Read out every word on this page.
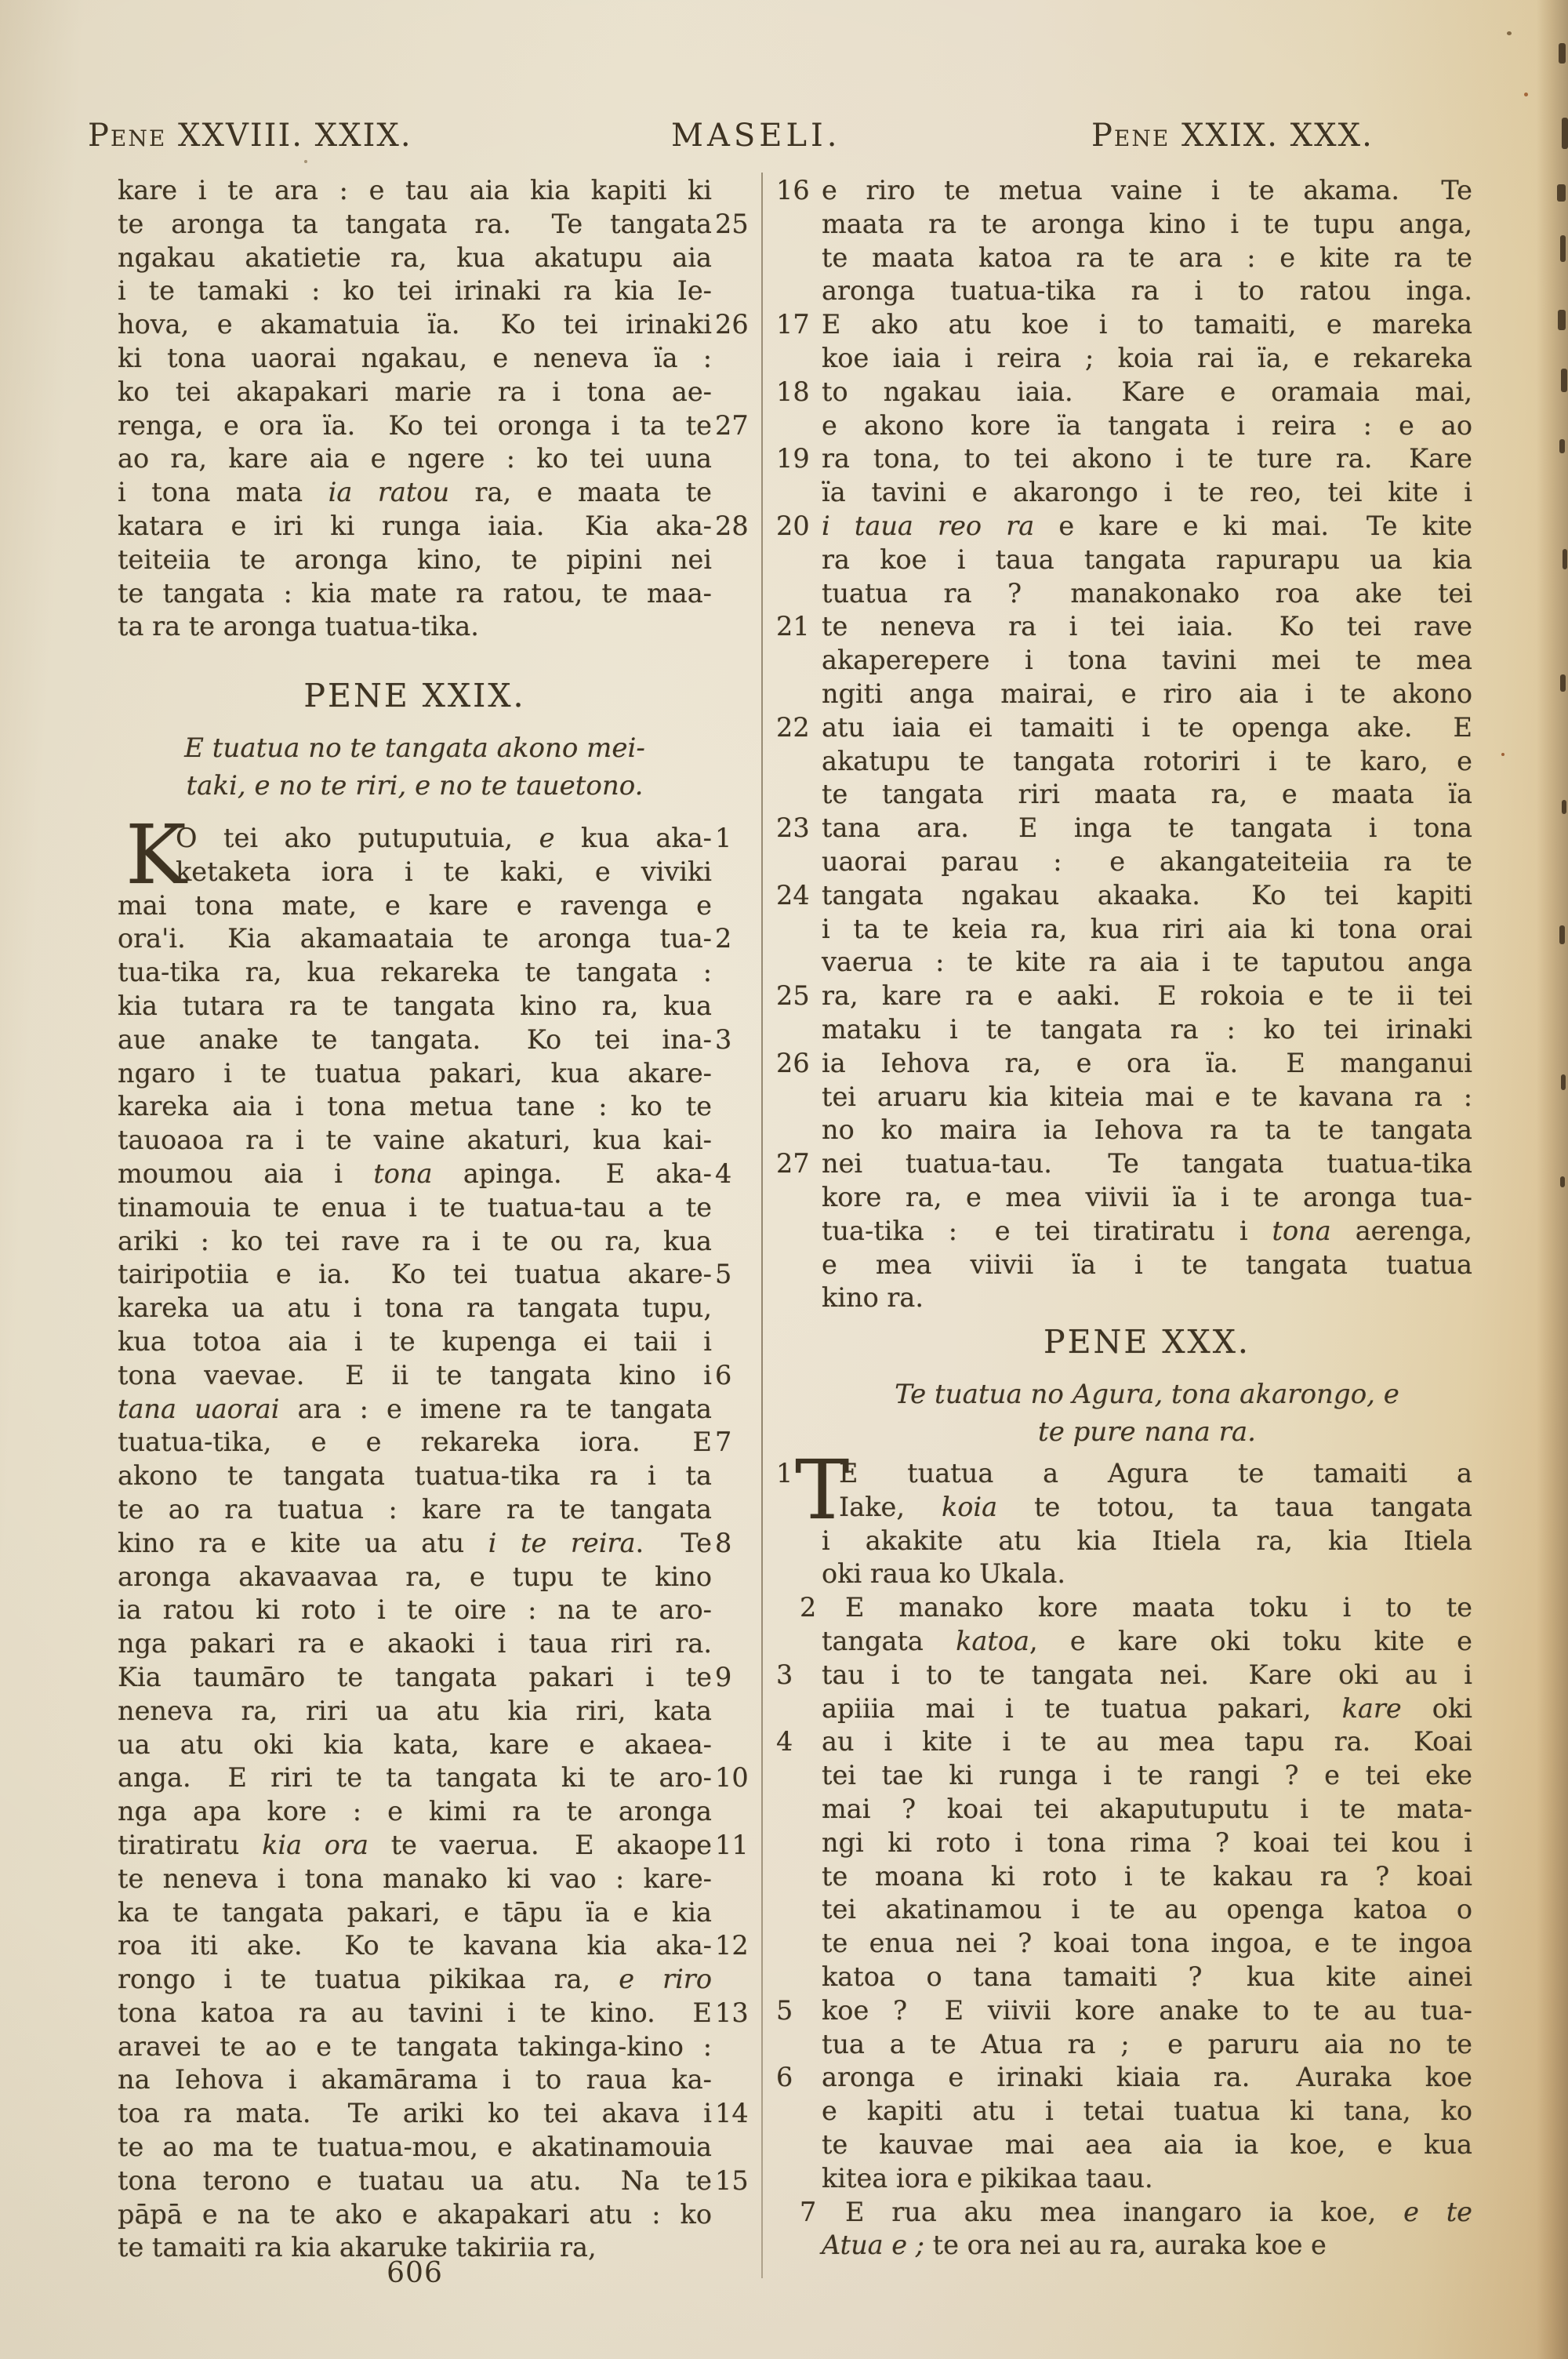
Pene XXVIII. XXIX.	MASELI.	Pene XXIX. XXX.
kare i te ara : e tau aia kia kapiti ki
te aronga ta tangata ra.  Te tangata 25
ngakau akatietie ra, kua akatupu aia
i te tamaki : ko tei irinaki ra kia Ie-
hova, e akamatuia ïa.  Ko tei irinaki 26
ki tona uaorai ngakau, e neneva ïa :
ko tei akapakari marie ra i tona ae-
renga, e ora ïa.  Ko tei oronga i ta te 27
ao ra, kare aia e ngere : ko tei uuna
i tona mata ia ratou ra, e maata te
katara e iri ki runga iaia.  Kia aka- 28
teiteiia te aronga kino, te pipini nei
te tangata : kia mate ra ratou, te maa-
ta ra te aronga tuatua-tika.
PENE XXIX.
E tuatua no te tangata akono mei-
taki, e no te riri, e no te tauetono.
K
O tei ako putuputuia, e kua aka- 1
ketaketa iora i te kaki, e viviki
mai tona mate, e kare e ravenga e
ora'i.  Kia akamaataia te aronga tua- 2
tua-tika ra, kua rekareka te tangata :
kia tutara ra te tangata kino ra, kua
aue anake te tangata.  Ko tei ina- 3
ngaro i te tuatua pakari, kua akare-
kareka aia i tona metua tane : ko te
tauoaoa ra i te vaine akaturi, kua kai-
moumou aia i tona apinga.  E aka- 4
tinamouia te enua i te tuatua-tau a te
ariki : ko tei rave ra i te ou ra, kua
tairipotiia e ia.  Ko tei tuatua akare- 5
kareka ua atu i tona ra tangata tupu,
kua totoa aia i te kupenga ei taii i
tona vaevae.  E ii te tangata kino i 6
tana uaorai ara : e imene ra te tangata
tuatua-tika, e e rekareka iora.  E 7
akono te tangata tuatua-tika ra i ta
te ao ra tuatua : kare ra te tangata
kino ra e kite ua atu i te reira.  Te 8
aronga akavaavaa ra, e tupu te kino
ia ratou ki roto i te oire : na te aro-
nga pakari ra e akaoki i taua riri ra.
Kia taumāro te tangata pakari i te 9
neneva ra, riri ua atu kia riri, kata
ua atu oki kia kata, kare e akaea-
anga.  E riri te ta tangata ki te aro- 10
nga apa kore : e kimi ra te aronga
tiratiratu kia ora te vaerua.  E akaope 11
te neneva i tona manako ki vao : kare-
ka te tangata pakari, e tāpu ïa e kia
roa iti ake.  Ko te kavana kia aka- 12
rongo i te tuatua pikikaa ra, e riro
tona katoa ra au tavini i te kino.  E 13
aravei te ao e te tangata takinga-kino :
na Iehova i akamārama i to raua ka-
toa ra mata.  Te ariki ko tei akava i 14
te ao ma te tuatua-mou, e akatinamouia
tona terono e tuatau ua atu.  Na te 15
pāpā e na te ako e akapakari atu : ko
te tamaiti ra kia akaruke takiriia ra,
e riro te metua vaine i te akama.  Te
16
maata ra te aronga kino i te tupu anga,
te maata katoa ra te ara : e kite ra te
aronga tuatua-tika ra i to ratou inga.
E ako atu koe i to tamaiti, e mareka
17
koe iaia i reira ; koia rai ïa, e rekareka
to ngakau iaia.  Kare e oramaia mai,
18
e akono kore ïa tangata i reira : e ao
ra tona, to tei akono i te ture ra.  Kare
19
ïa tavini e akarongo i te reo, tei kite i
i taua reo ra e kare e ki mai.  Te kite
20
ra koe i taua tangata rapurapu ua kia
tuatua ra ?  manakonako roa ake tei
te neneva ra i tei iaia.  Ko tei rave
21
akaperepere i tona tavini mei te mea
ngiti anga mairai, e riro aia i te akono
atu iaia ei tamaiti i te openga ake.  E
22
akatupu te tangata rotoriri i te karo, e
te tangata riri maata ra, e maata ïa
tana ara.  E inga te tangata i tona
23
uaorai parau :  e akangateiteiia ra te
tangata ngakau akaaka.  Ko tei kapiti
24
i ta te keia ra, kua riri aia ki tona orai
vaerua : te kite ra aia i te taputou anga
ra, kare ra e aaki.  E rokoia e te ii tei
25
mataku i te tangata ra : ko tei irinaki
ia Iehova ra, e ora ïa.  E manganui
26
tei aruaru kia kiteia mai e te kavana ra :
no ko maira ia Iehova ra ta te tangata
nei tuatua-tau.  Te tangata tuatua-tika
27
kore ra, e mea viivii ïa i te aronga tua-
tua-tika :  e tei tiratiratu i tona aerenga,
e mea viivii ïa i te tangata tuatua
kino ra.
PENE XXX.
Te tuatua no Agura, tona akarongo, e
te pure nana ra.
T
E tuatua a Agura te tamaiti a
1
Iake, koia te totou, ta taua tangata
i akakite atu kia Itiela ra, kia Itiela
oki raua ko Ukala.
E manako kore maata toku i to te
2
tangata katoa, e kare oki toku kite e
tau i to te tangata nei.  Kare oki au i
3
apiiia mai i te tuatua pakari, kare oki
au i kite i te au mea tapu ra.  Koai
4
tei tae ki runga i te rangi ? e tei eke
mai ? koai tei akaputuputu i te mata-
ngi ki roto i tona rima ? koai tei kou i
te moana ki roto i te kakau ra ? koai
tei akatinamou i te au openga katoa o
te enua nei ? koai tona ingoa, e te ingoa
katoa o tana tamaiti ?  kua kite ainei
koe ?  E viivii kore anake to te au tua-
5
tua a te Atua ra ;  e paruru aia no te
aronga e irinaki kiaia ra.  Auraka koe
6
e kapiti atu i tetai tuatua ki tana, ko
te kauvae mai aea aia ia koe, e kua
kitea iora e pikikaa taau.
E rua aku mea inangaro ia koe, e te
7
Atua e ; te ora nei au ra, auraka koe e
606
